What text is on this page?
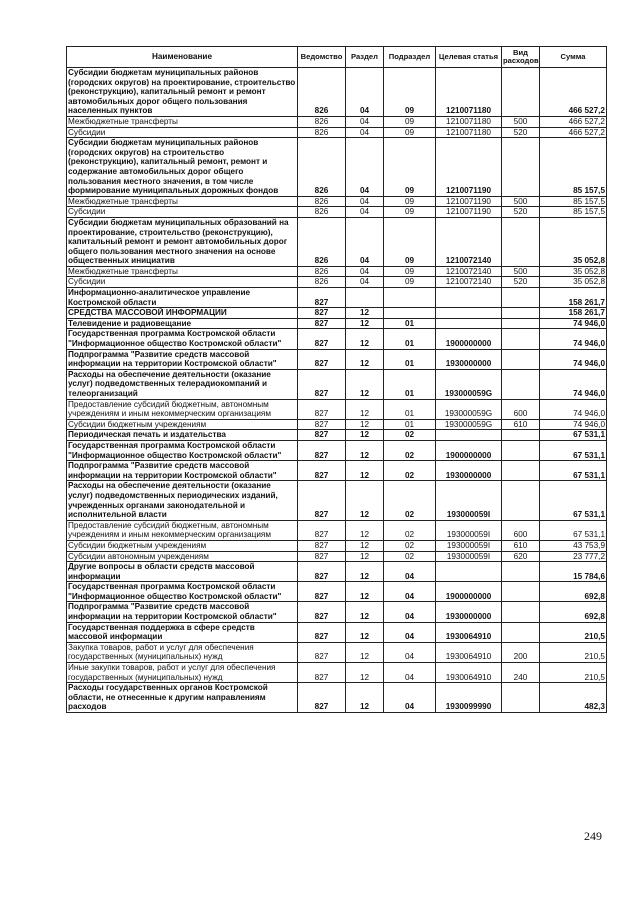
Наименование	Ведомство	Раздел	Подраздел	Целевая статья	Вид расходов	Сумма
Субсидии бюджетам муниципальных районов (городских округов) на проектирование, строительство (реконструкцию), капитальный ремонт и ремонт автомобильных дорог общего пользования населенных пунктов	826	04	09	1210071180		466 527,2
Межбюджетные трансферты	826	04	09	1210071180	500	466 527,2
Субсидии	826	04	09	1210071180	520	466 527,2
Субсидии бюджетам муниципальных районов (городских округов) на строительство (реконструкцию), капитальный ремонт, ремонт и содержание автомобильных дорог общего пользования местного значения, в том числе формирование муниципальных дорожных фондов	826	04	09	1210071190		85 157,5
Межбюджетные трансферты	826	04	09	1210071190	500	85 157,5
Субсидии	826	04	09	1210071190	520	85 157,5
Субсидии бюджетам муниципальных образований на проектирование, строительство (реконструкцию), капитальный ремонт и ремонт автомобильных дорог общего пользования местного значения на основе общественных инициатив	826	04	09	1210072140		35 052,8
Межбюджетные трансферты	826	04	09	1210072140	500	35 052,8
Субсидии	826	04	09	1210072140	520	35 052,8
Информационно-аналитическое управление Костромской области	827					158 261,7
СРЕДСТВА МАССОВОЙ ИНФОРМАЦИИ	827	12				158 261,7
Телевидение и радиовещание	827	12	01			74 946,0
Государственная программа Костромской области "Информационное общество Костромской области"	827	12	01	1900000000		74 946,0
Подпрограмма "Развитие средств массовой информации на территории Костромской области"	827	12	01	1930000000		74 946,0
Расходы на обеспечение деятельности (оказание услуг) подведомственных телерадиокомпаний и телеорганизаций	827	12	01	193000059G		74 946,0
Предоставление субсидий бюджетным, автономным учреждениям и иным некоммерческим организациям	827	12	01	193000059G	600	74 946,0
Субсидии бюджетным учреждениям	827	12	01	193000059G	610	74 946,0
Периодическая печать и издательства	827	12	02			67 531,1
Государственная программа Костромской области "Информационное общество Костромской области"	827	12	02	1900000000		67 531,1
Подпрограмма "Развитие средств массовой информации на территории Костромской области"	827	12	02	1930000000		67 531,1
Расходы на обеспечение деятельности (оказание услуг) подведомственных периодических изданий, учрежденных органами законодательной и исполнительной власти	827	12	02	193000059I		67 531,1
Предоставление субсидий бюджетным, автономным учреждениям и иным некоммерческим организациям	827	12	02	193000059I	600	67 531,1
Субсидии бюджетным учреждениям	827	12	02	193000059I	610	43 753,9
Субсидии автономным учреждениям	827	12	02	193000059I	620	23 777,2
Другие вопросы в области средств массовой информации	827	12	04			15 784,6
Государственная программа Костромской области "Информационное общество Костромской области"	827	12	04	1900000000		692,8
Подпрограмма "Развитие средств массовой информации на территории Костромской области"	827	12	04	1930000000		692,8
Государственная поддержка в сфере средств массовой информации	827	12	04	1930064910		210,5
Закупка товаров, работ и услуг для обеспечения государственных (муниципальных) нужд	827	12	04	1930064910	200	210,5
Иные закупки товаров, работ и услуг для обеспечения государственных (муниципальных) нужд	827	12	04	1930064910	240	210,5
Расходы государственных органов Костромской области, не отнесенные к другим направлениям расходов	827	12	04	1930099990		482,3
249
